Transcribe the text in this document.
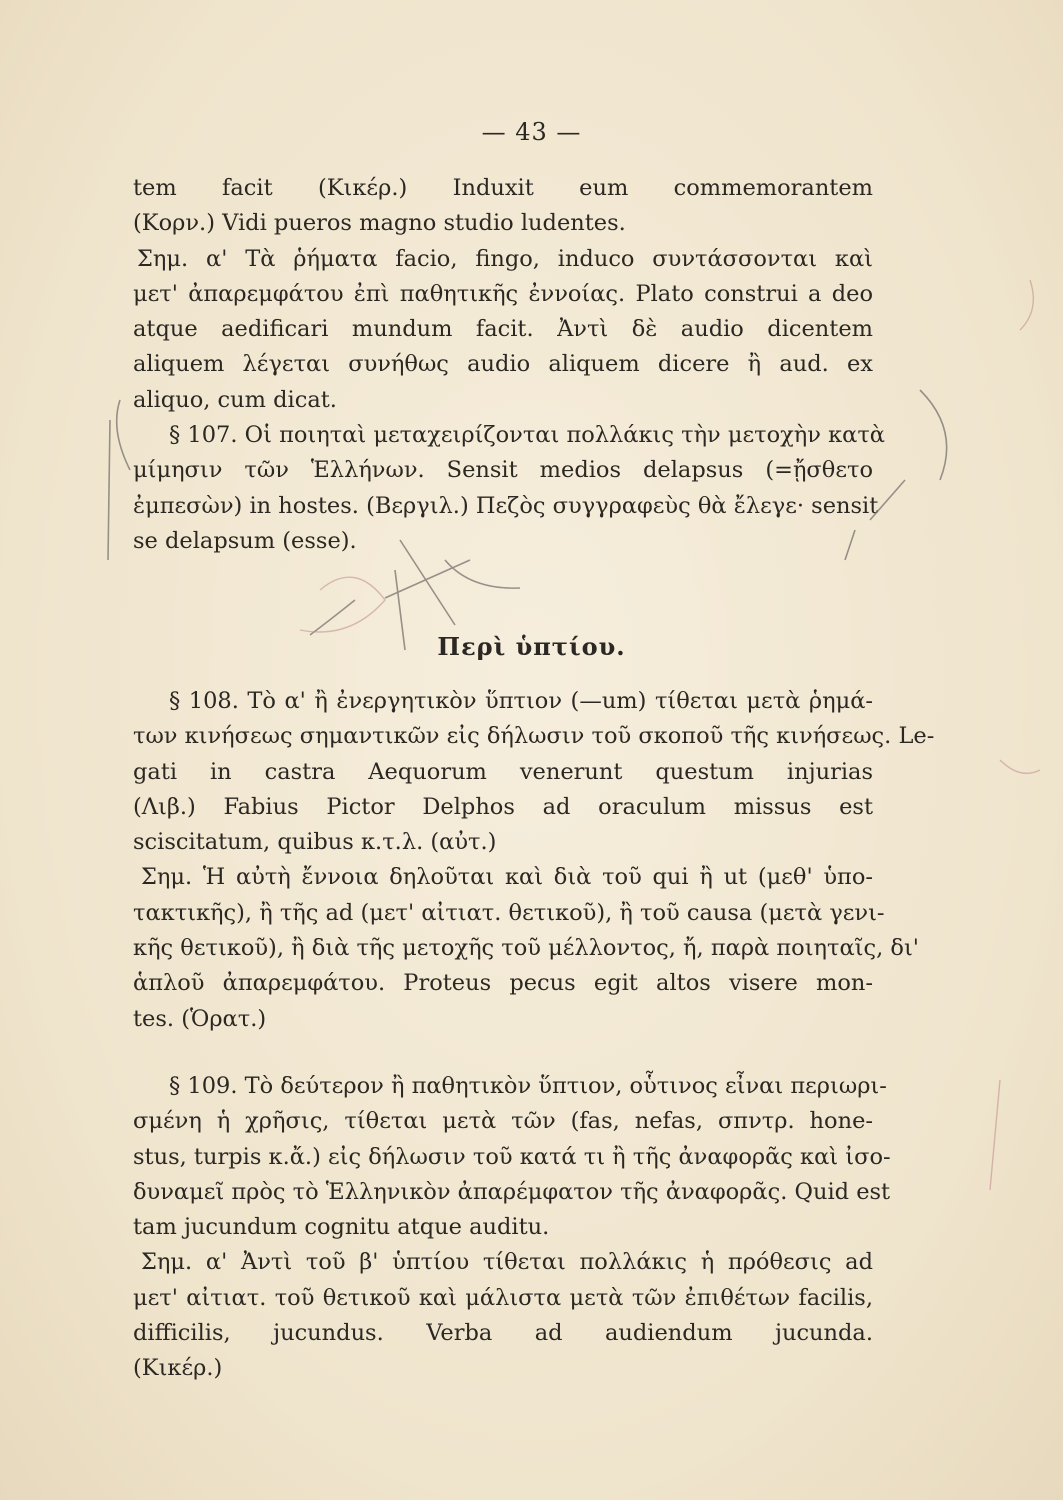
— 43 —
tem facit (Κικέρ.) Induxit eum commemorantem
(Κορν.) Vidi pueros magno studio ludentes.
Σημ. α' Τὰ ῥήματα facio, fingo, induco συντάσσονται καὶ
μετ' ἀπαρεμφάτου ἐπὶ παθητικῆς ἐννοίας. Plato construi a deo
atque aedificari mundum facit. Ἀντὶ δὲ audio dicentem
aliquem λέγεται συνήθως audio aliquem dicere ἢ aud. ex
aliquo, cum dicat.
§ 107. Οἱ ποιηταὶ μεταχειρίζονται πολλάκις τὴν μετοχὴν κατὰ
μίμησιν τῶν Ἑλλήνων. Sensit medios delapsus (=ᾔσθετο
ἐμπεσὼν) in hostes. (Βεργιλ.) Πεζὸς συγγραφεὺς θὰ ἔλεγε· sensit
se delapsum (esse).
Περὶ ὑπτίου.
§ 108. Τὸ α' ἢ ἐνεργητικὸν ὕπτιον (—um) τίθεται μετὰ ῥημά-
των κινήσεως σημαντικῶν εἰς δήλωσιν τοῦ σκοποῦ τῆς κινήσεως. Le-
gati in castra Aequorum venerunt questum injurias
(Λιβ.) Fabius Pictor Delphos ad oraculum missus est
sciscitatum, quibus κ.τ.λ. (αὐτ.)
Σημ. Ἡ αὐτὴ ἔννοια δηλοῦται καὶ διὰ τοῦ qui ἢ ut (μεθ' ὑπο-
τακτικῆς), ἢ τῆς ad (μετ' αἰτιατ. θετικοῦ), ἢ τοῦ causa (μετὰ γενι-
κῆς θετικοῦ), ἢ διὰ τῆς μετοχῆς τοῦ μέλλοντος, ἤ, παρὰ ποιηταῖς, δι'
ἁπλοῦ ἀπαρεμφάτου. Proteus pecus egit altos visere mon-
tes. (Ὁρατ.)
§ 109. Τὸ δεύτερον ἢ παθητικὸν ὕπτιον, οὗτινος εἶναι περιωρι-
σμένη ἡ χρῆσις, τίθεται μετὰ τῶν (fas, nefas, σπντρ. hone-
stus, turpis κ.ἄ.) εἰς δήλωσιν τοῦ κατά τι ἢ τῆς ἀναφορᾶς καὶ ἰσο-
δυναμεῖ πρὸς τὸ Ἑλληνικὸν ἀπαρέμφατον τῆς ἀναφορᾶς. Quid est
tam jucundum cognitu atque auditu.
Σημ. α' Ἀντὶ τοῦ β' ὑπτίου τίθεται πολλάκις ἡ πρόθεσις ad
μετ' αἰτιατ. τοῦ θετικοῦ καὶ μάλιστα μετὰ τῶν ἐπιθέτων facilis,
difficilis, jucundus. Verba ad audiendum jucunda.
(Κικέρ.)
